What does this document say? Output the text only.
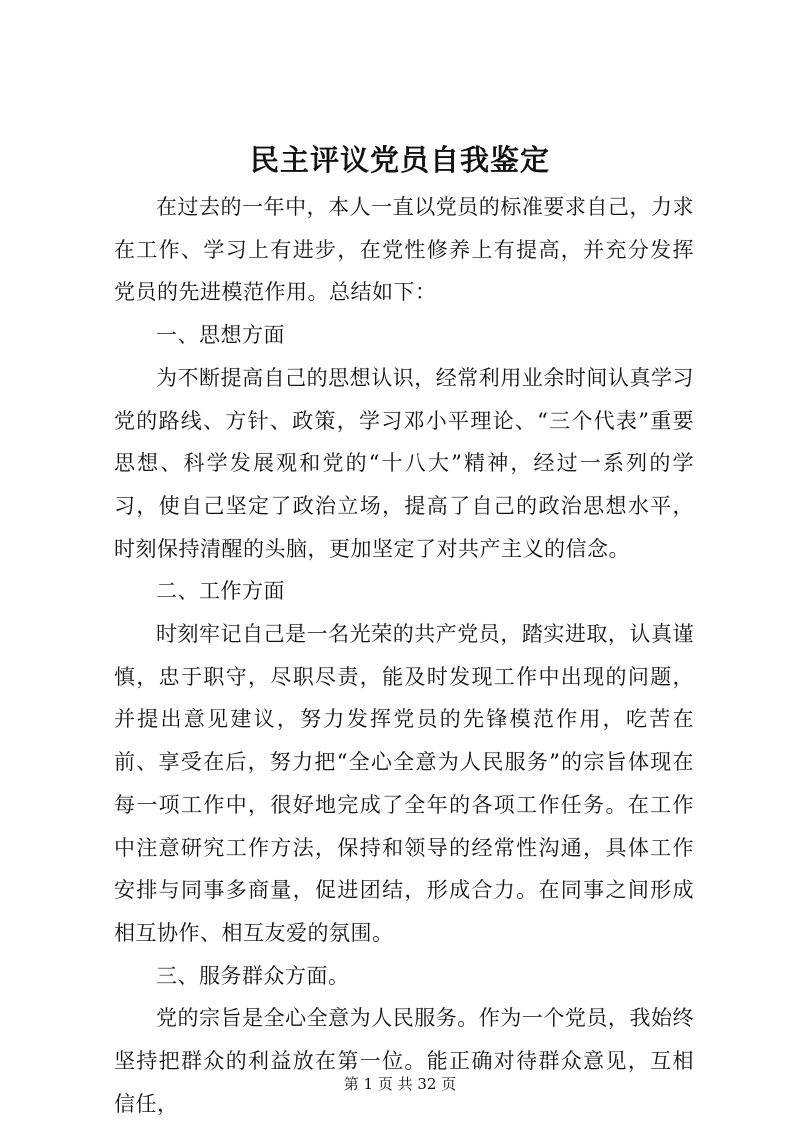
民主评议党员自我鉴定

在过去的一年中，本人一直以党员的标准要求自己，力求在工作、学习上有进步，在党性修养上有提高，并充分发挥党员的先进模范作用。总结如下：

一、思想方面

为不断提高自己的思想认识，经常利用业余时间认真学习党的路线、方针、政策，学习邓小平理论、“三个代表”重要思想、科学发展观和党的“十八大”精神，经过一系列的学习，使自己坚定了政治立场，提高了自己的政治思想水平，时刻保持清醒的头脑，更加坚定了对共产主义的信念。

二、工作方面

时刻牢记自己是一名光荣的共产党员，踏实进取，认真谨慎，忠于职守，尽职尽责，能及时发现工作中出现的问题，并提出意见建议，努力发挥党员的先锋模范作用，吃苦在前、享受在后，努力把“全心全意为人民服务”的宗旨体现在每一项工作中，很好地完成了全年的各项工作任务。在工作中注意研究工作方法，保持和领导的经常性沟通，具体工作安排与同事多商量，促进团结，形成合力。在同事之间形成相互协作、相互友爱的氛围。

三、服务群众方面。

党的宗旨是全心全意为人民服务。作为一个党员，我始终坚持把群众的利益放在第一位。能正确对待群众意见，互相信任，

第 1 页 共 32 页
